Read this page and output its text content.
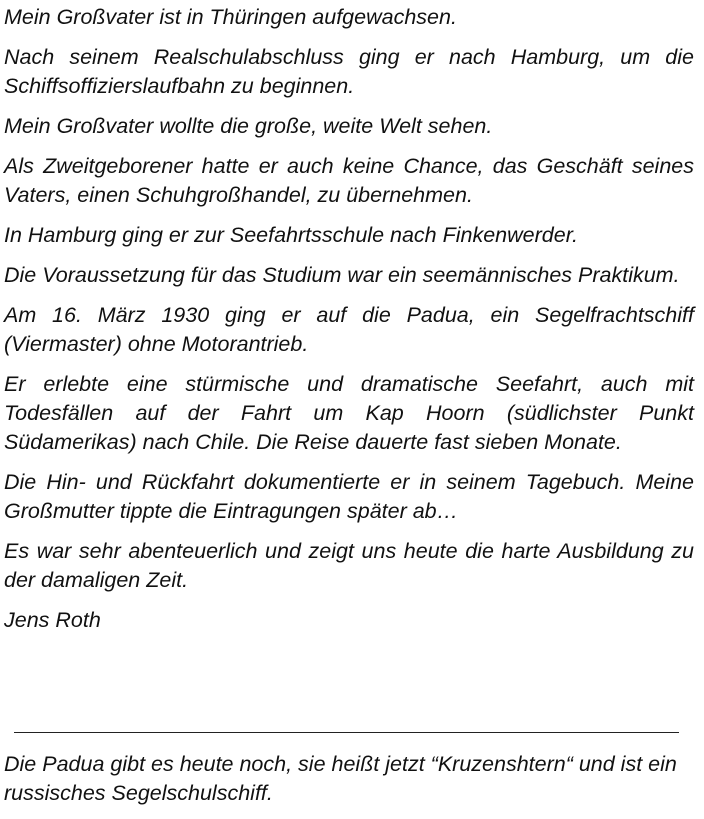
Mein Großvater ist in Thüringen aufgewachsen.

Nach seinem Realschulabschluss ging er nach Hamburg, um die Schiffsoffizierslaufbahn zu beginnen.

Mein Großvater wollte die große, weite Welt sehen.

Als Zweitgeborener hatte er auch keine Chance, das Geschäft seines Vaters, einen Schuhgroßhandel, zu übernehmen.

In Hamburg ging er zur Seefahrtsschule nach Finkenwerder.

Die Voraussetzung für das Studium war ein seemännisches Praktikum.

Am 16. März 1930 ging er auf die Padua, ein Segelfrachtschiff (Viermaster) ohne Motorantrieb.

Er erlebte eine stürmische und dramatische Seefahrt, auch mit Todesfällen auf der Fahrt um Kap Hoorn (südlichster Punkt Südamerikas) nach Chile. Die Reise dauerte fast sieben Monate.

Die Hin- und Rückfahrt dokumentierte er in seinem Tagebuch. Meine Großmutter tippte die Eintragungen später ab…

Es war sehr abenteuerlich und zeigt uns heute die harte Ausbildung zu der damaligen Zeit.

Jens Roth

Die Padua gibt es heute noch, sie heißt jetzt “Kruzenshtern“ und ist ein russisches Segelschulschiff.
